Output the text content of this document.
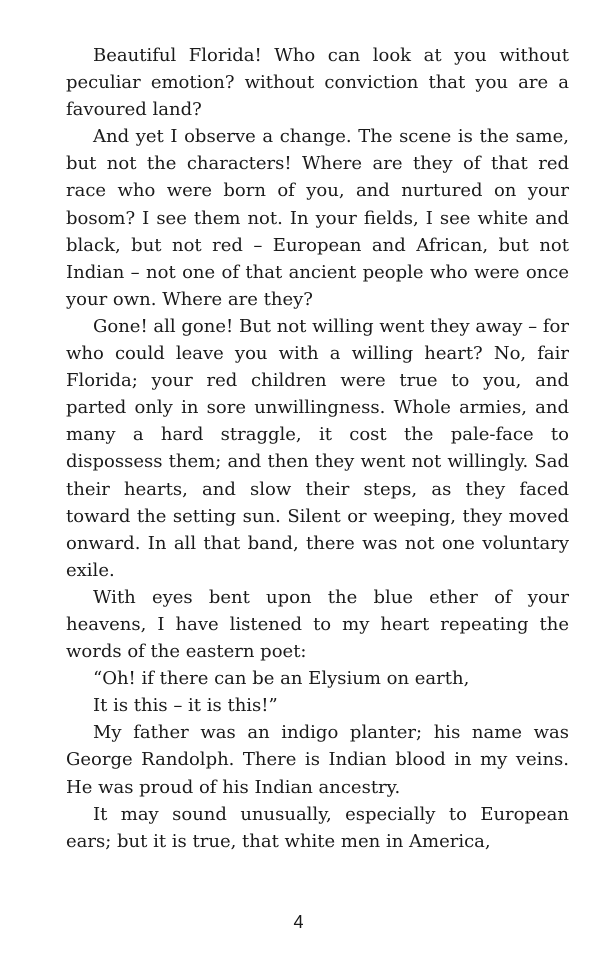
Beautiful Florida! Who can look at you without peculiar emotion? without conviction that you are a favoured land?

And yet I observe a change. The scene is the same, but not the characters! Where are they of that red race who were born of you, and nurtured on your bosom? I see them not. In your fields, I see white and black, but not red – European and African, but not Indian – not one of that ancient people who were once your own. Where are they?

Gone! all gone! But not willing went they away – for who could leave you with a willing heart? No, fair Florida; your red children were true to you, and parted only in sore unwillingness. Whole armies, and many a hard straggle, it cost the pale-face to dispossess them; and then they went not willingly. Sad their hearts, and slow their steps, as they faced toward the setting sun. Silent or weeping, they moved onward. In all that band, there was not one voluntary exile.

With eyes bent upon the blue ether of your heavens, I have listened to my heart repeating the words of the eastern poet:

“Oh! if there can be an Elysium on earth,

It is this – it is this!”

My father was an indigo planter; his name was George Randolph. There is Indian blood in my veins. He was proud of his Indian ancestry.

It may sound unusually, especially to European ears; but it is true, that white men in America,

4
